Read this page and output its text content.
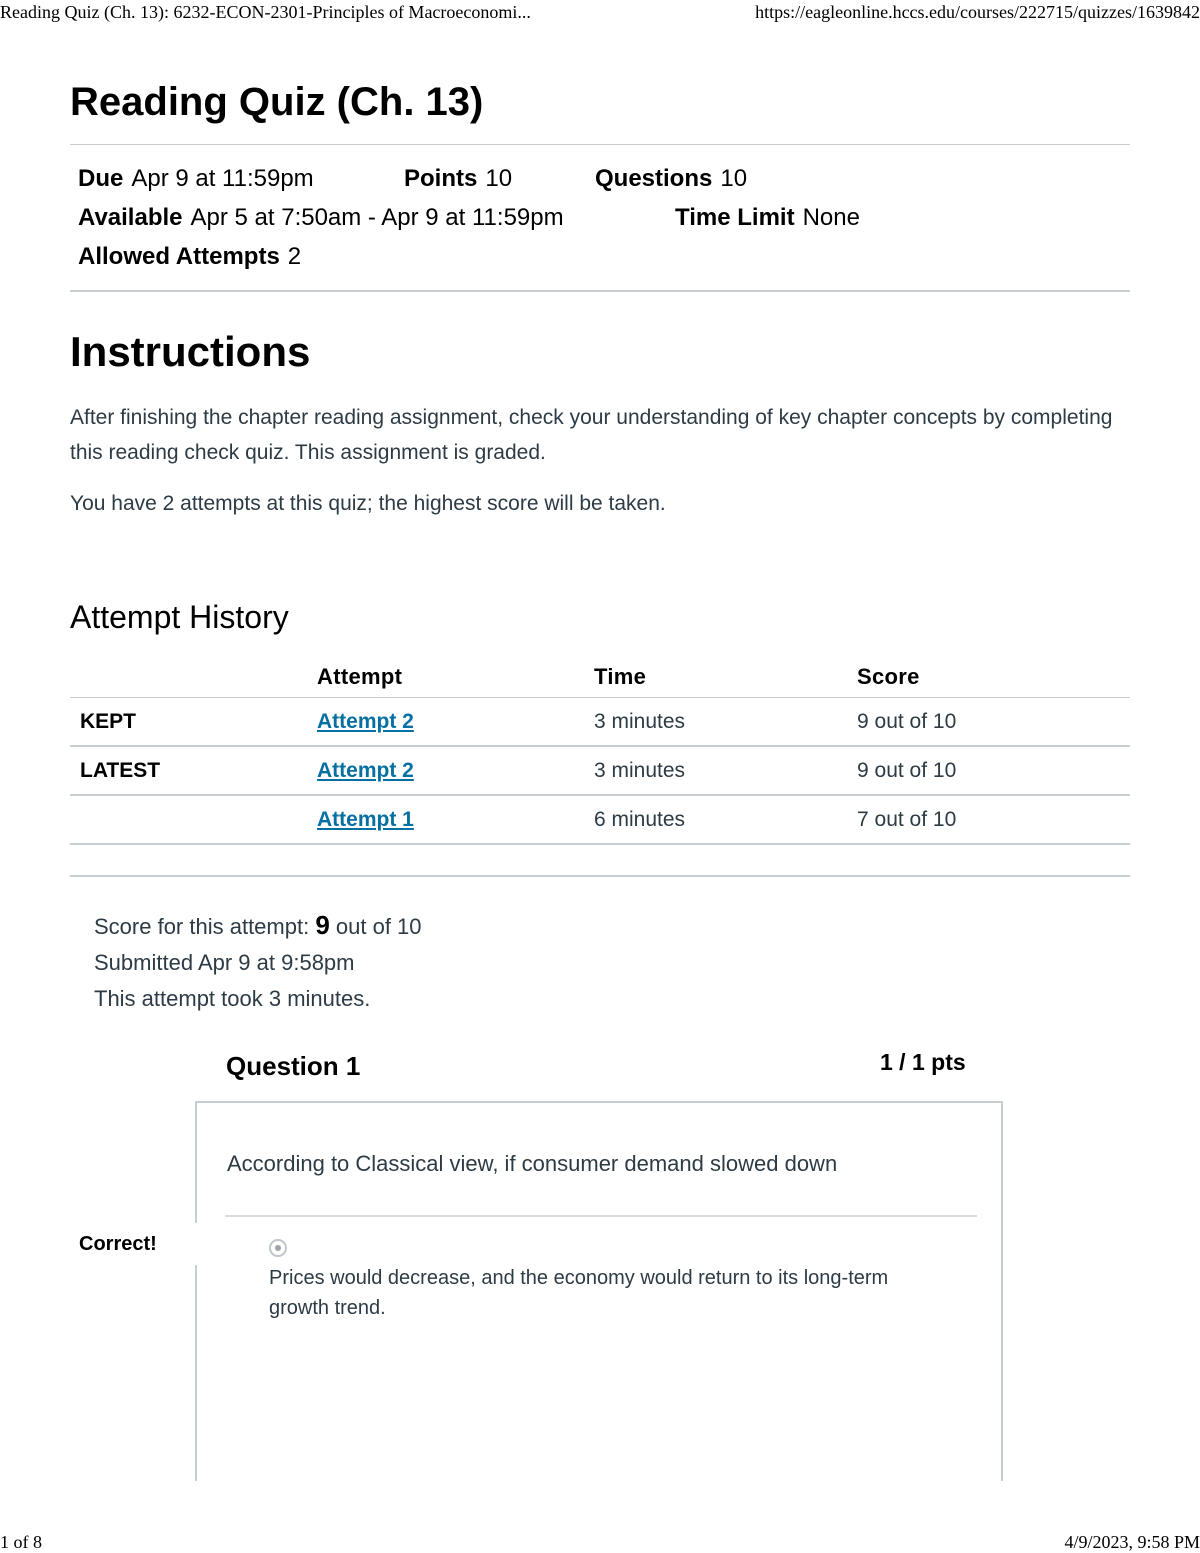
Reading Quiz (Ch. 13): 6232-ECON-2301-Principles of Macroeconomi...	https://eagleonline.hccs.edu/courses/222715/quizzes/1639842
Reading Quiz (Ch. 13)
Due Apr 9 at 11:59pm	Points 10	Questions 10
Available Apr 5 at 7:50am - Apr 9 at 11:59pm	Time Limit None
Allowed Attempts 2
Instructions

After finishing the chapter reading assignment, check your understanding of key chapter concepts by completing this reading check quiz. This assignment is graded.

You have 2 attempts at this quiz; the highest score will be taken.

Attempt History
	Attempt	Time	Score
KEPT	Attempt 2	3 minutes	9 out of 10
LATEST	Attempt 2	3 minutes	9 out of 10
	Attempt 1	6 minutes	7 out of 10
Score for this attempt: 9 out of 10
Submitted Apr 9 at 9:58pm
This attempt took 3 minutes.
Question 1	1 / 1 pts
According to Classical view, if consumer demand slowed down
Prices would decrease, and the economy would return to its long-term growth trend.
Correct!
1 of 8	4/9/2023, 9:58 PM
